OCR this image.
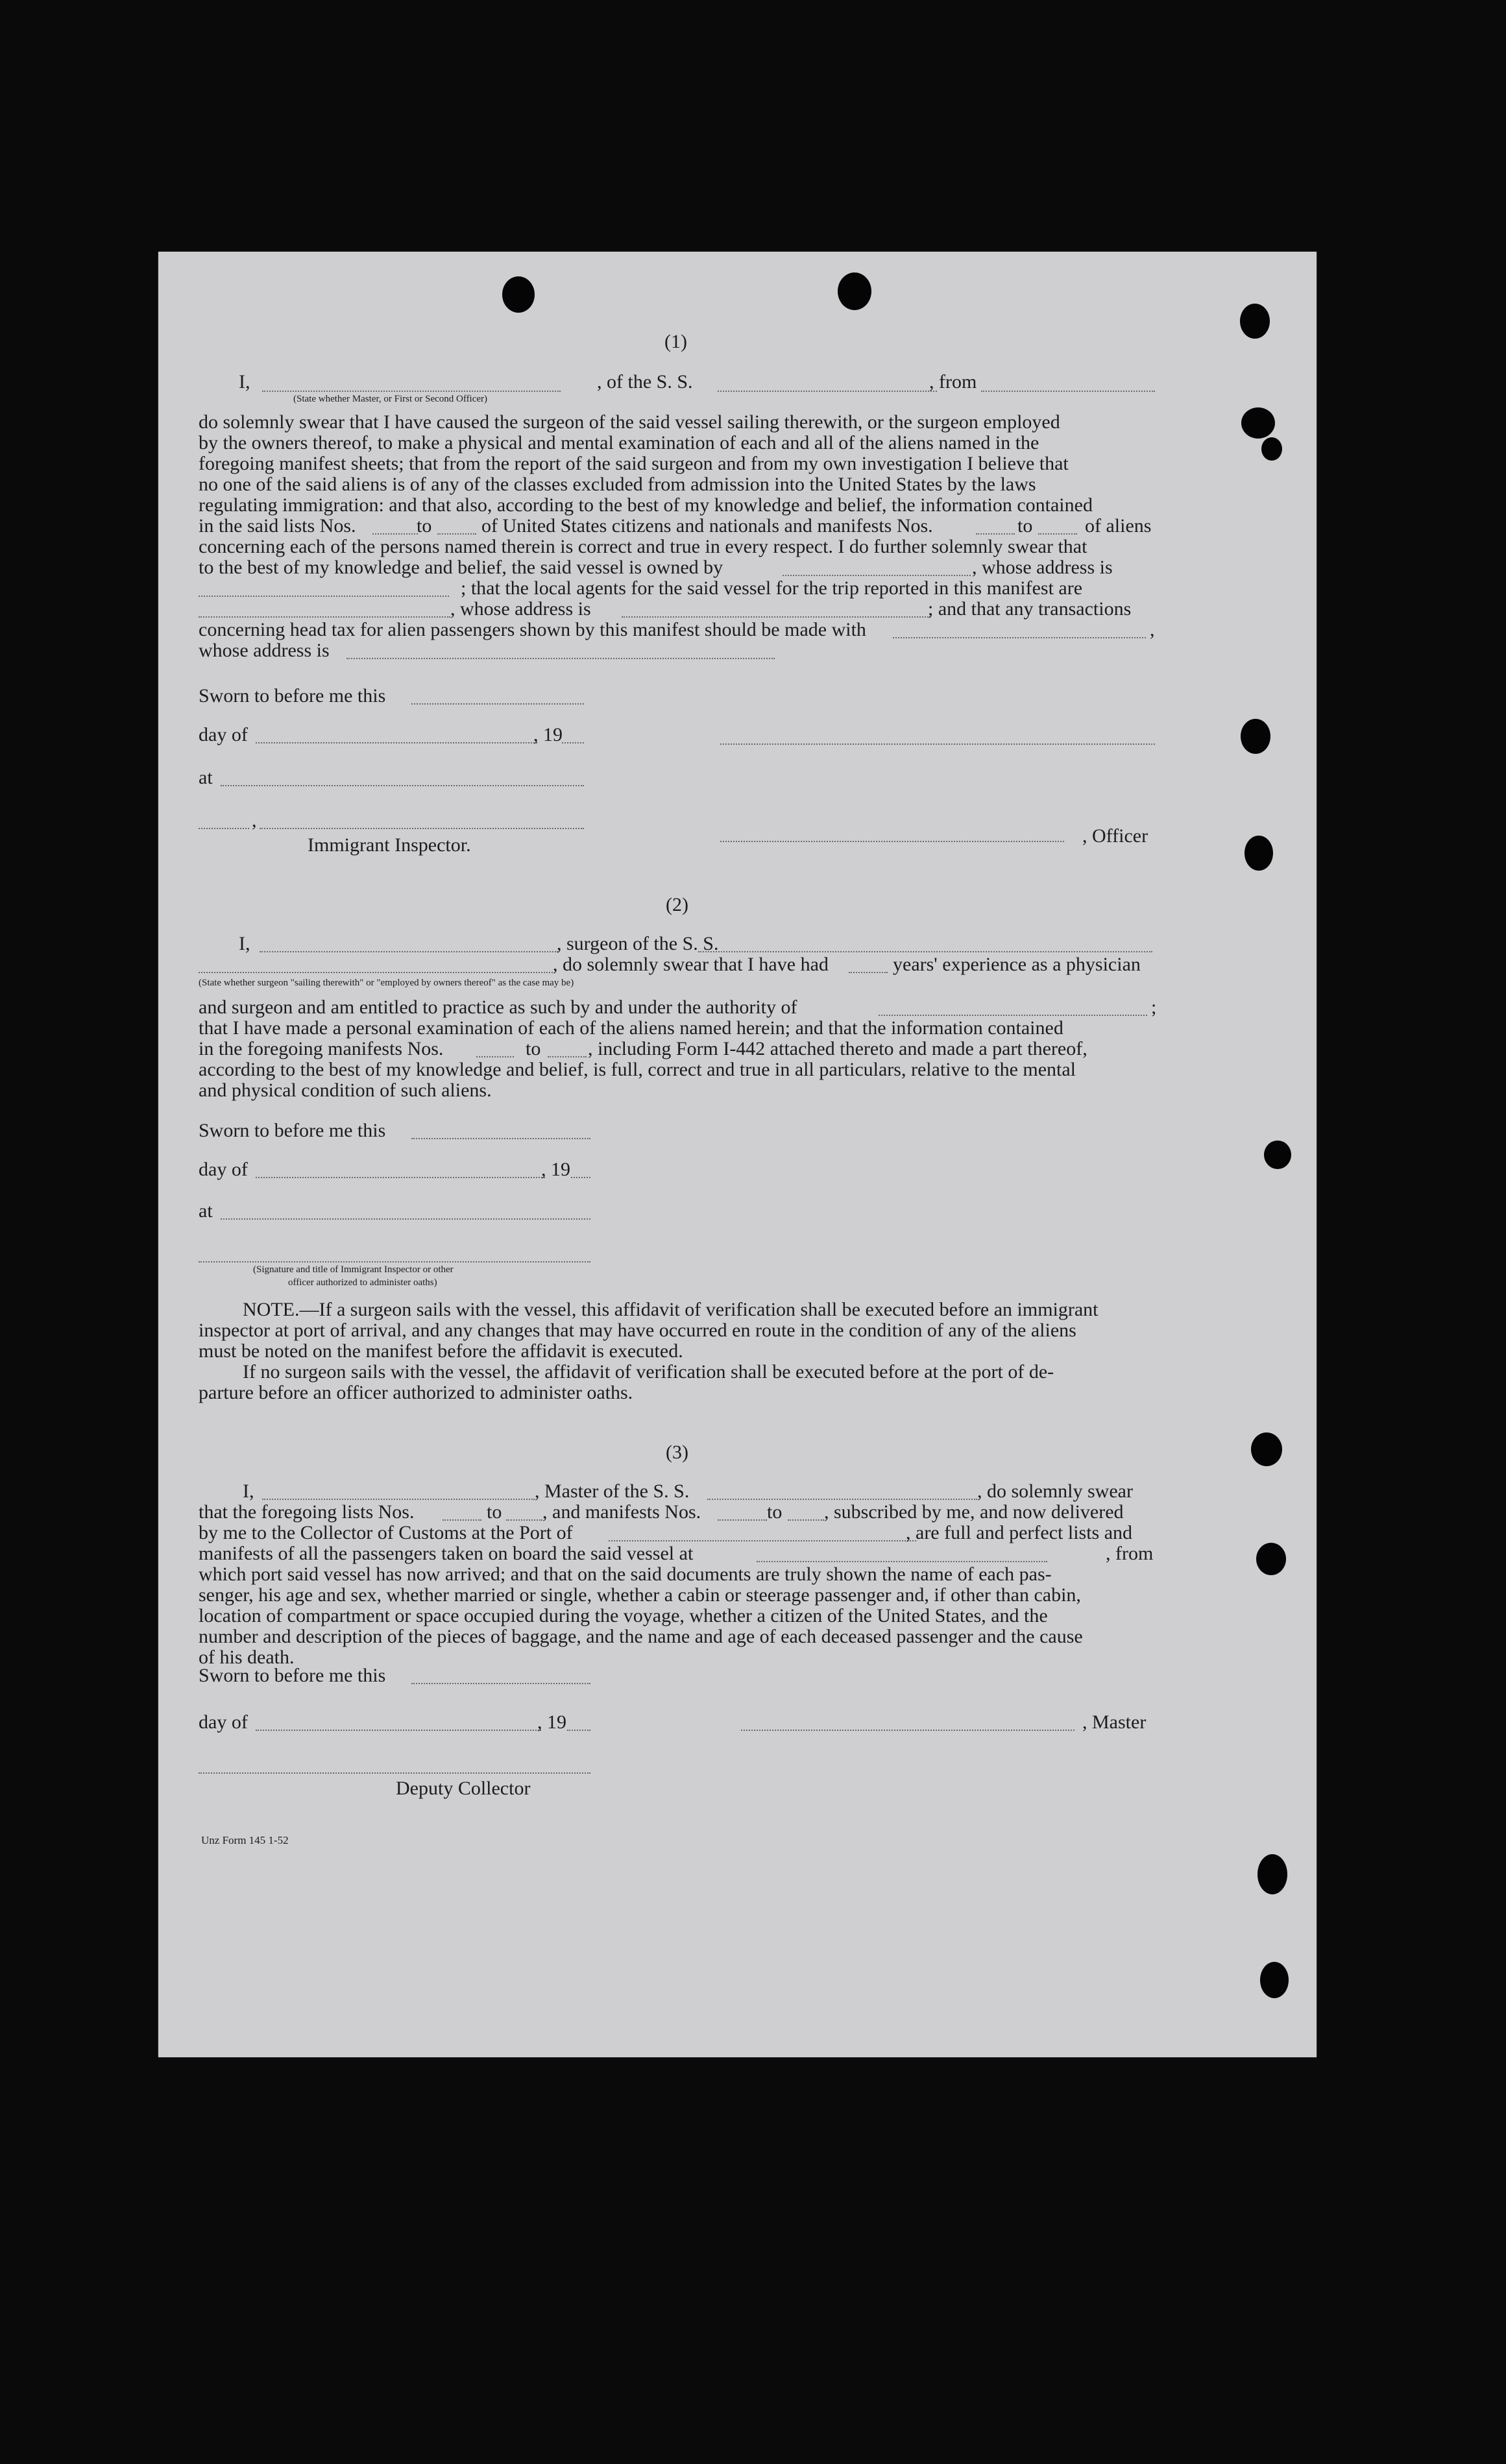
(1)
I,	, of the S. S.	, from
(State whether Master, or First or Second Officer)
do solemnly swear that I have caused the surgeon of the said vessel sailing therewith, or the surgeon employed
by the owners thereof, to make a physical and mental examination of each and all of the aliens named in the
foregoing manifest sheets; that from the report of the said surgeon and from my own investigation I believe that
no one of the said aliens is of any of the classes excluded from admission into the United States by the laws
regulating immigration: and that also, according to the best of my knowledge and belief, the information contained
in the said lists Nos.	to	of United States citizens and nationals and manifests Nos.	to	of aliens
concerning each of the persons named therein is correct and true in every respect. I do further solemnly swear that
to the best of my knowledge and belief, the said vessel is owned by	, whose address is
; that the local agents for the said vessel for the trip reported in this manifest are
, whose address is	; and that any transactions
concerning head tax for alien passengers shown by this manifest should be made with	,
whose address is
Sworn to before me this
day of	, 19
at
,
, Officer
Immigrant Inspector.
(2)
I,	, surgeon of the S. S.
, do solemnly swear that I have had	years' experience as a physician
(State whether surgeon "sailing therewith" or "employed by owners thereof" as the case may be)
and surgeon and am entitled to practice as such by and under the authority of	;
that I have made a personal examination of each of the aliens named herein; and that the information contained
in the foregoing manifests Nos.	to , including Form I-442 attached thereto and made a part thereof,
according to the best of my knowledge and belief, is full, correct and true in all particulars, relative to the mental
and physical condition of such aliens.
Sworn to before me this
day of	, 19
at
(Signature and title of Immigrant Inspector or other
officer authorized to administer oaths)
NOTE.—If a surgeon sails with the vessel, this affidavit of verification shall be executed before an immigrant
inspector at port of arrival, and any changes that may have occurred en route in the condition of any of the aliens
must be noted on the manifest before the affidavit is executed.
If no surgeon sails with the vessel, the affidavit of verification shall be executed before at the port of de-
parture before an officer authorized to administer oaths.
(3)
I,	, Master of the S. S.	, do solemnly swear
that the foregoing lists Nos.	to , and manifests Nos.	to , subscribed by me, and now delivered
by me to the Collector of Customs at the Port of	, are full and perfect lists and
manifests of all the passengers taken on board the said vessel at	, from
which port said vessel has now arrived; and that on the said documents are truly shown the name of each pas-
senger, his age and sex, whether married or single, whether a cabin or steerage passenger and, if other than cabin,
location of compartment or space occupied during the voyage, whether a citizen of the United States, and the
number and description of the pieces of baggage, and the name and age of each deceased passenger and the cause
of his death.
Sworn to before me this
day of	, 19	, Master
Deputy Collector
Unz Form 145 1-52
